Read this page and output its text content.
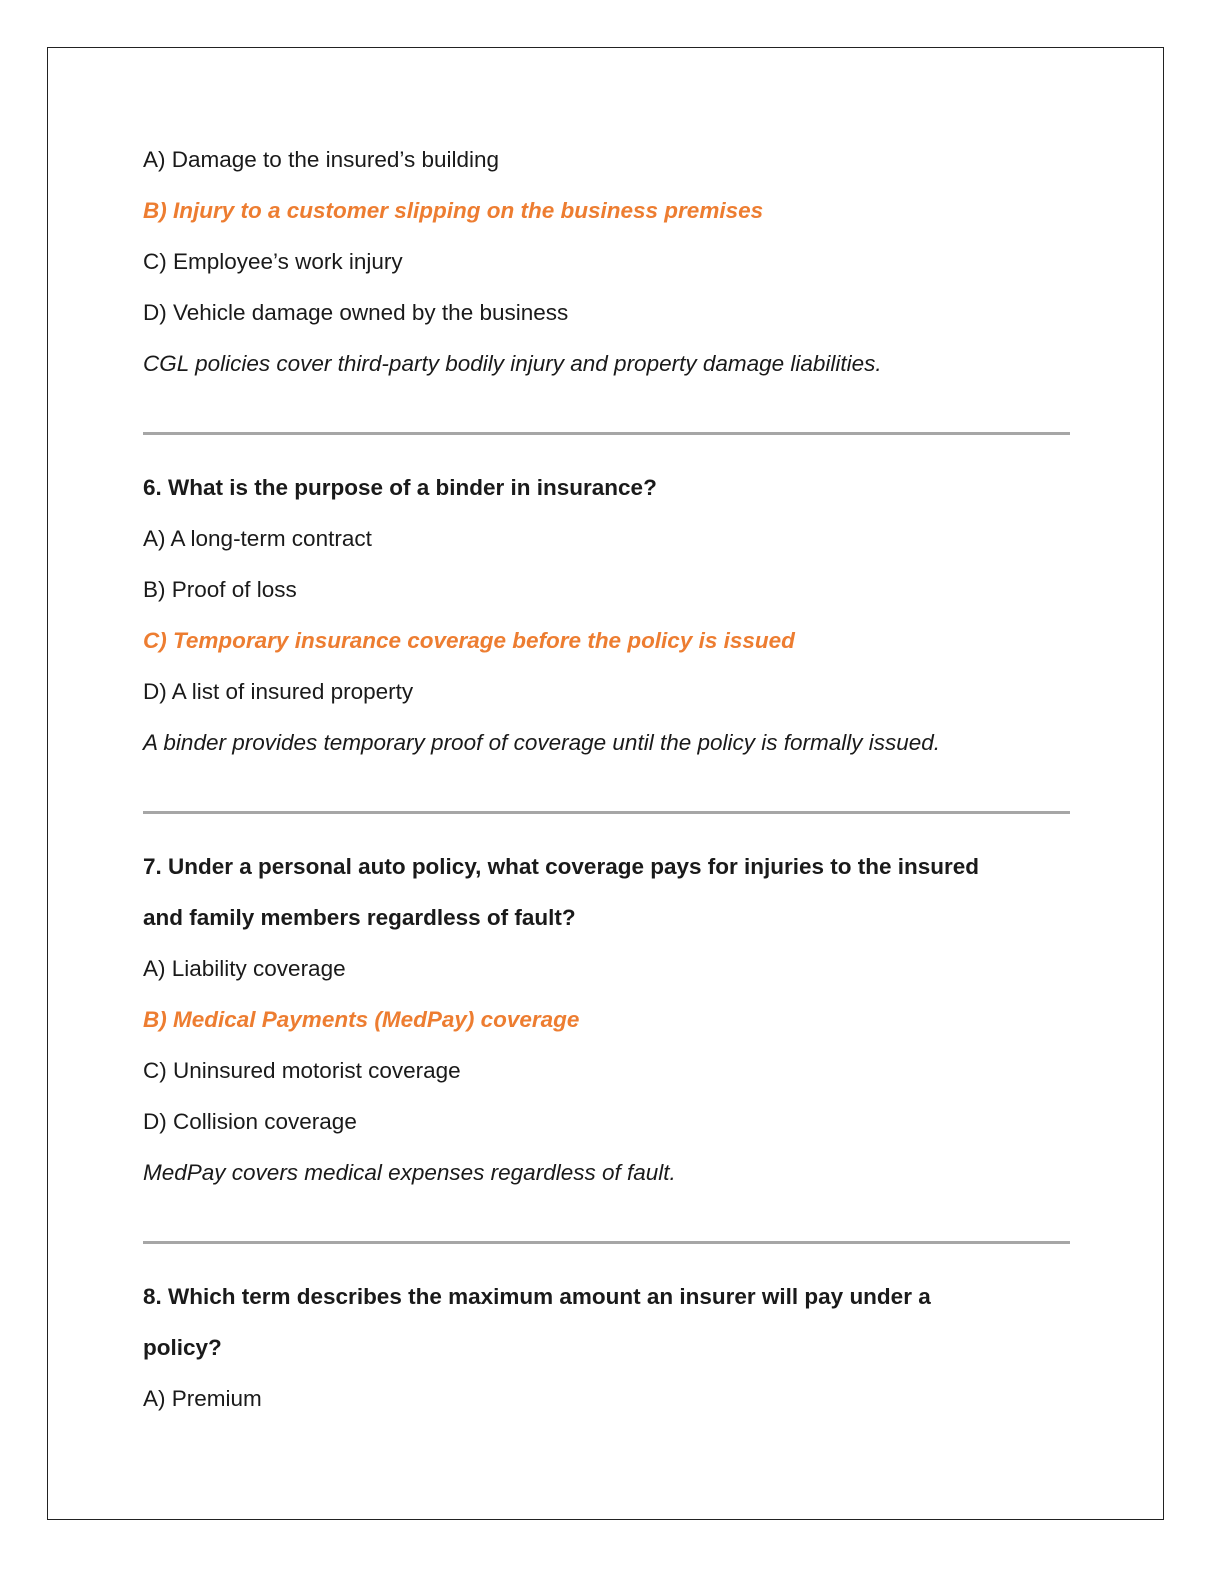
A) Damage to the insured’s building
B) Injury to a customer slipping on the business premises
C) Employee’s work injury
D) Vehicle damage owned by the business
CGL policies cover third-party bodily injury and property damage liabilities.
6. What is the purpose of a binder in insurance?
A) A long-term contract
B) Proof of loss
C) Temporary insurance coverage before the policy is issued
D) A list of insured property
A binder provides temporary proof of coverage until the policy is formally issued.
7. Under a personal auto policy, what coverage pays for injuries to the insured
and family members regardless of fault?
A) Liability coverage
B) Medical Payments (MedPay) coverage
C) Uninsured motorist coverage
D) Collision coverage
MedPay covers medical expenses regardless of fault.
8. Which term describes the maximum amount an insurer will pay under a
policy?
A) Premium
